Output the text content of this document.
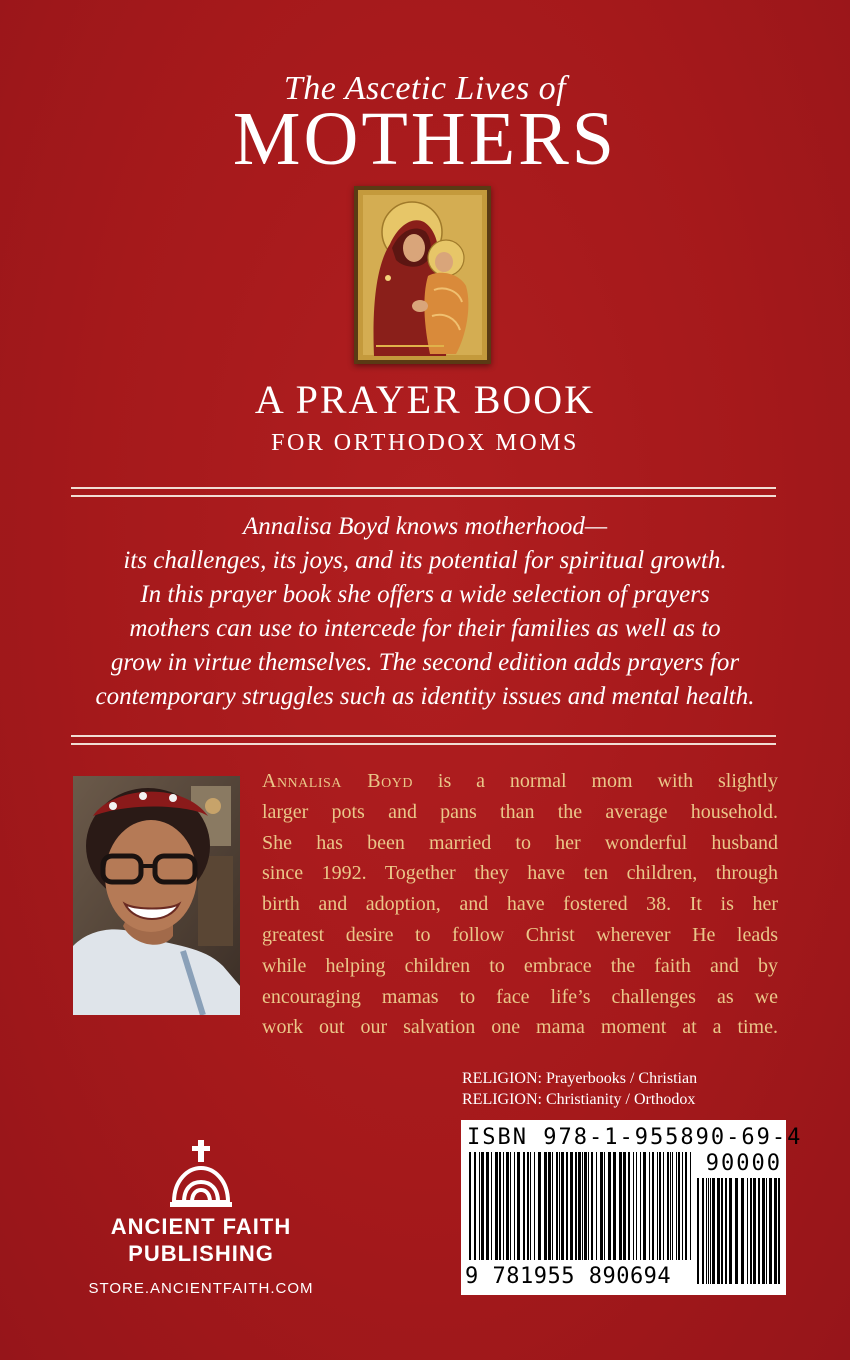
The Ascetic Lives of
MOTHERS
A PRAYER BOOK
FOR ORTHODOX MOMS
Annalisa Boyd knows motherhood—
its challenges, its joys, and its potential for spiritual growth.
In this prayer book she offers a wide selection of prayers
mothers can use to intercede for their families as well as to
grow in virtue themselves. The second edition adds prayers for
contemporary struggles such as identity issues and mental health.
Annalisa Boyd is a normal mom with slightly
larger pots and pans than the average household.
She has been married to her wonderful husband
since 1992. Together they have ten children, through
birth and adoption, and have fostered 38. It is her
greatest desire to follow Christ wherever He leads
while helping children to embrace the faith and by
encouraging mamas to face life’s challenges as we
work out our salvation one mama moment at a time.
RELIGION: Prayerbooks / Christian
RELIGION: Christianity / Orthodox
ISBN 978-1-955890-69-4
90000
9 781955 890694
ANCIENT FAITH
PUBLISHING
STORE.ANCIENTFAITH.COM
